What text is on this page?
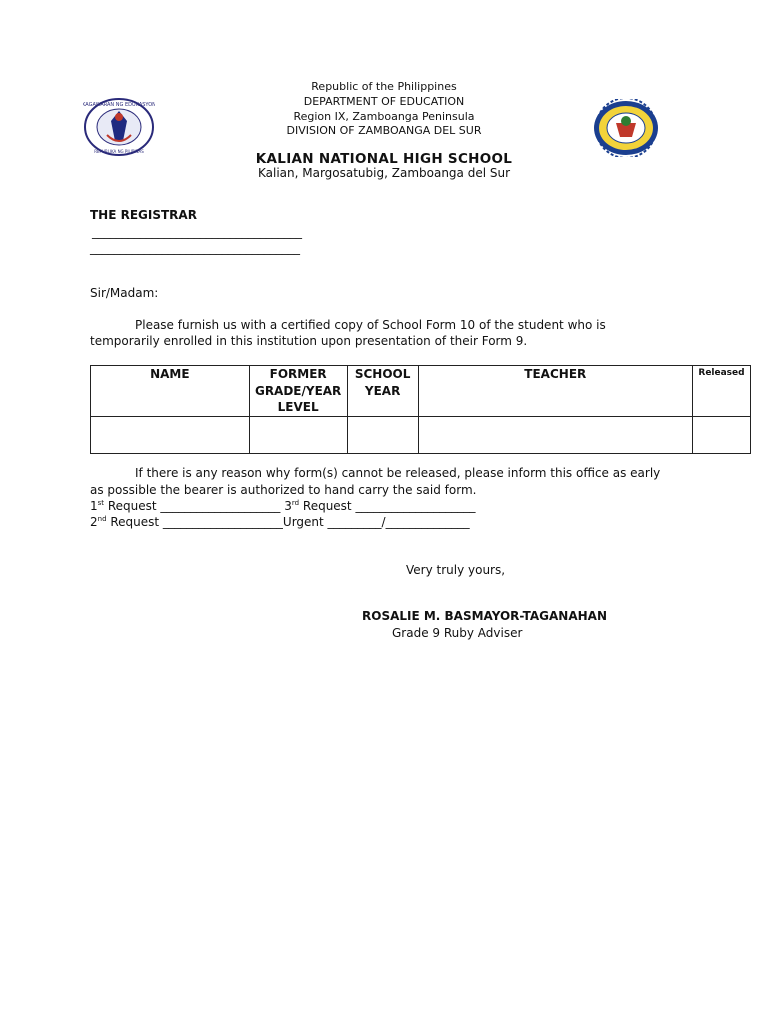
KAGAWARAN NG EDUKASYON
REPUBLIKA NG PILIPINAS
Republic of the Philippines
DEPARTMENT OF EDUCATION
Region IX, Zamboanga Peninsula
DIVISION OF ZAMBOANGA DEL SUR
KALIAN NATIONAL HIGH SCHOOL
Kalian, Margosatubig, Zamboanga del Sur
THE REGISTRAR
___________________________________
___________________________________
Sir/Madam:
Please furnish us with a certified copy of School Form 10 of the student who is
temporarily enrolled in this institution upon presentation of their Form 9.
NAME	FORMER GRADE/YEAR LEVEL	SCHOOL YEAR	TEACHER	Released

If there is any reason why form(s) cannot be released, please inform this office as early
as possible the bearer is authorized to hand carry the said form.
1st Request ____________________ 3rd Request ____________________
2nd Request ____________________Urgent _________/______________
Very truly yours,
ROSALIE M. BASMAYOR-TAGANAHAN
Grade 9 Ruby Adviser
